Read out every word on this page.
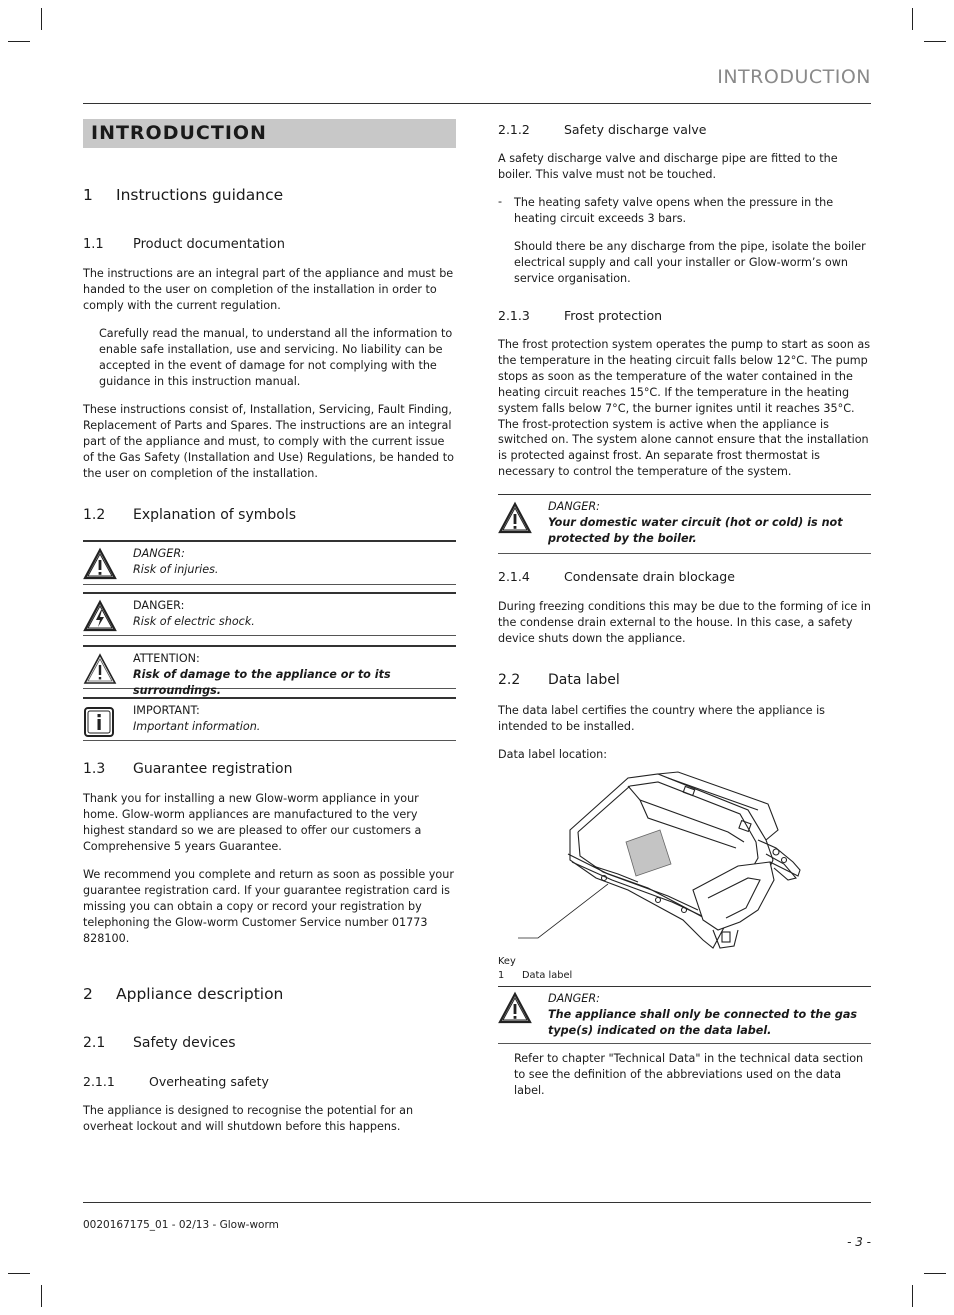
INTRODUCTION
INTRODUCTION
1 Instructions guidance
1.1 Product documentation
The instructions are an integral part of the appliance and must be handed to the user on completion of the installation in order to comply with the current regulation.
Carefully read the manual, to understand all the information to enable safe installation, use and servicing. No liability can be accepted in the event of damage for not complying with the guidance in this instruction manual.
These instructions consist of, Installation, Servicing, Fault Finding, Replacement of Parts and Spares. The instructions are an integral part of the appliance and must, to comply with the current issue of the Gas Safety (Installation and Use) Regulations, be handed to the user on completion of the installation.
1.2 Explanation of symbols
DANGER:
Risk of injuries.
DANGER:
Risk of electric shock.
ATTENTION:
Risk of damage to the appliance or to its surroundings.
IMPORTANT:
Important information.
1.3 Guarantee registration
Thank you for installing a new Glow-worm appliance in your home. Glow-worm appliances are manufactured to the very highest standard so we are pleased to offer our customers a Comprehensive 5 years Guarantee.
We recommend you complete and return as soon as possible your guarantee registration card. If your guarantee registration card is missing you can obtain a copy or record your registration by telephoning the Glow-worm Customer Service number 01773 828100.
2 Appliance description
2.1 Safety devices
2.1.1	Overheating safety
The appliance is designed to recognise the potential for an overheat lockout and will shutdown before this happens.
2.1.2	Safety discharge valve
A safety discharge valve and discharge pipe are fitted to the boiler. This valve must not be touched.
-	The heating safety valve opens when the pressure in the heating circuit exceeds 3 bars.
Should there be any discharge from the pipe, isolate the boiler electrical supply and call your installer or Glow-worm’s own service organisation.
2.1.3	Frost protection
The frost protection system operates the pump to start as soon as the temperature in the heating circuit falls below 12°C. The pump stops as soon as the temperature of the water contained in the heating circuit reaches 15°C. If the temperature in the heating system falls below 7°C, the burner ignites until it reaches 35°C. The frost-protection system is active when the appliance is switched on. The system alone cannot ensure that the installation is protected against frost. An separate frost thermostat is necessary to control the temperature of the system.
DANGER:
Your domestic water circuit (hot or cold) is not protected by the boiler.
2.1.4	Condensate drain blockage
During freezing conditions this may be due to the forming of ice in the condense drain external to the house. In this case, a safety device shuts down the appliance.
2.2 Data label
The data label certifies the country where the appliance is intended to be installed.
Data label location:
Key
1 Data label
DANGER:
The appliance shall only be connected to the gas type(s) indicated on the data label.
Refer to chapter "Technical Data" in the technical data section to see the definition of the abbreviations used on the data label.
0020167175_01 - 02/13 - Glow-worm
- 3 -
